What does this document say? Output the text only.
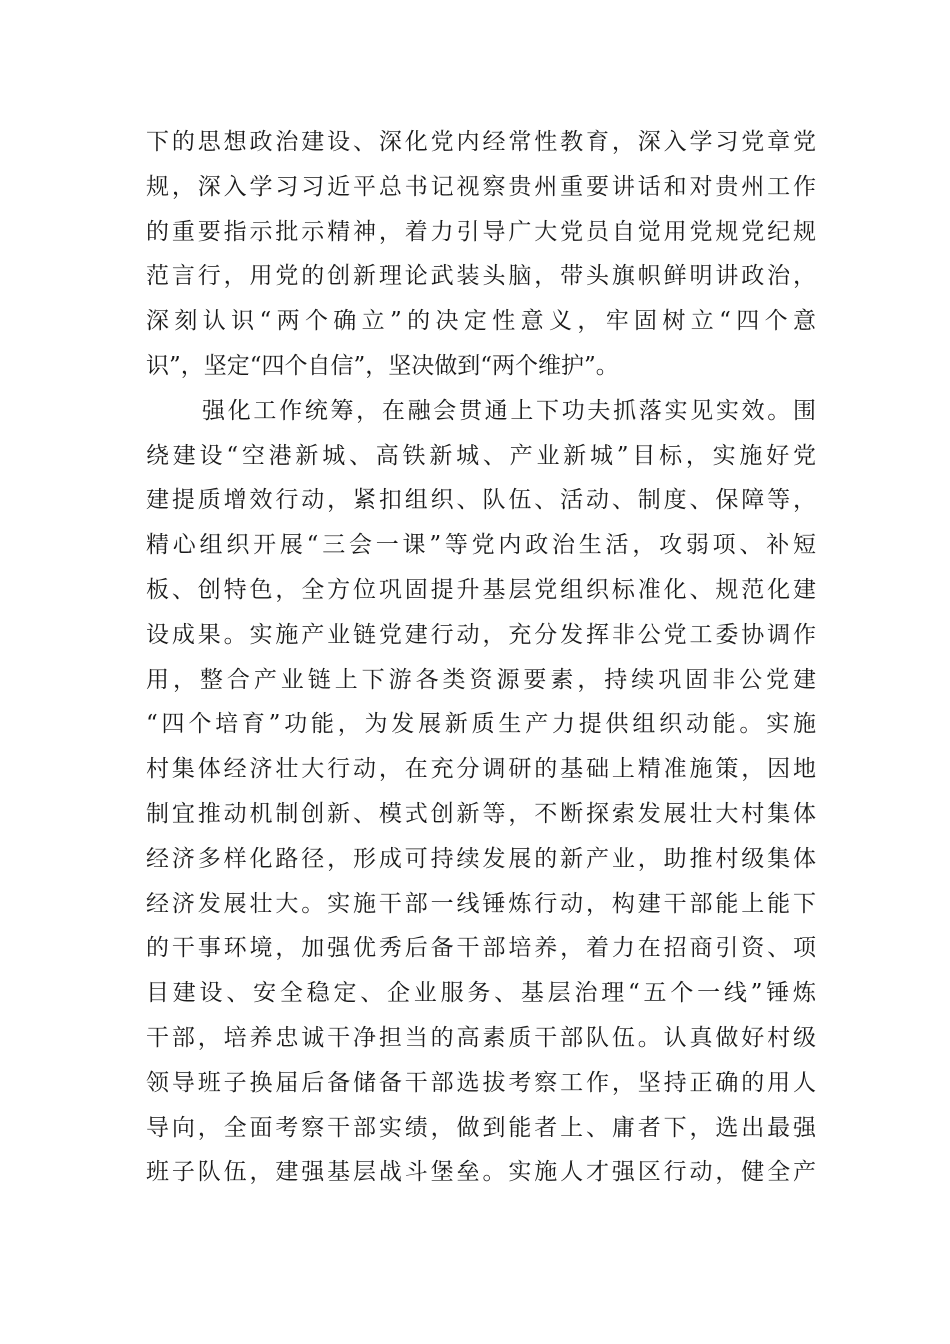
下的思想政治建设、深化党内经常性教育，深入学习党章党
规，深入学习习近平总书记视察贵州重要讲话和对贵州工作
的重要指示批示精神，着力引导广大党员自觉用党规党纪规
范言行，用党的创新理论武装头脑，带头旗帜鲜明讲政治，
深刻认识“两个确立”的决定性意义，牢固树立“四个意
识”，坚定“四个自信”，坚决做到“两个维护”。
强化工作统筹，在融会贯通上下功夫抓落实见实效。围
绕建设“空港新城、高铁新城、产业新城”目标，实施好党
建提质增效行动，紧扣组织、队伍、活动、制度、保障等，
精心组织开展“三会一课”等党内政治生活，攻弱项、补短
板、创特色，全方位巩固提升基层党组织标准化、规范化建
设成果。实施产业链党建行动，充分发挥非公党工委协调作
用，整合产业链上下游各类资源要素，持续巩固非公党建
“四个培育”功能，为发展新质生产力提供组织动能。实施
村集体经济壮大行动，在充分调研的基础上精准施策，因地
制宜推动机制创新、模式创新等，不断探索发展壮大村集体
经济多样化路径，形成可持续发展的新产业，助推村级集体
经济发展壮大。实施干部一线锤炼行动，构建干部能上能下
的干事环境，加强优秀后备干部培养，着力在招商引资、项
目建设、安全稳定、企业服务、基层治理“五个一线”锤炼
干部，培养忠诚干净担当的高素质干部队伍。认真做好村级
领导班子换届后备储备干部选拔考察工作，坚持正确的用人
导向，全面考察干部实绩，做到能者上、庸者下，选出最强
班子队伍，建强基层战斗堡垒。实施人才强区行动，健全产
